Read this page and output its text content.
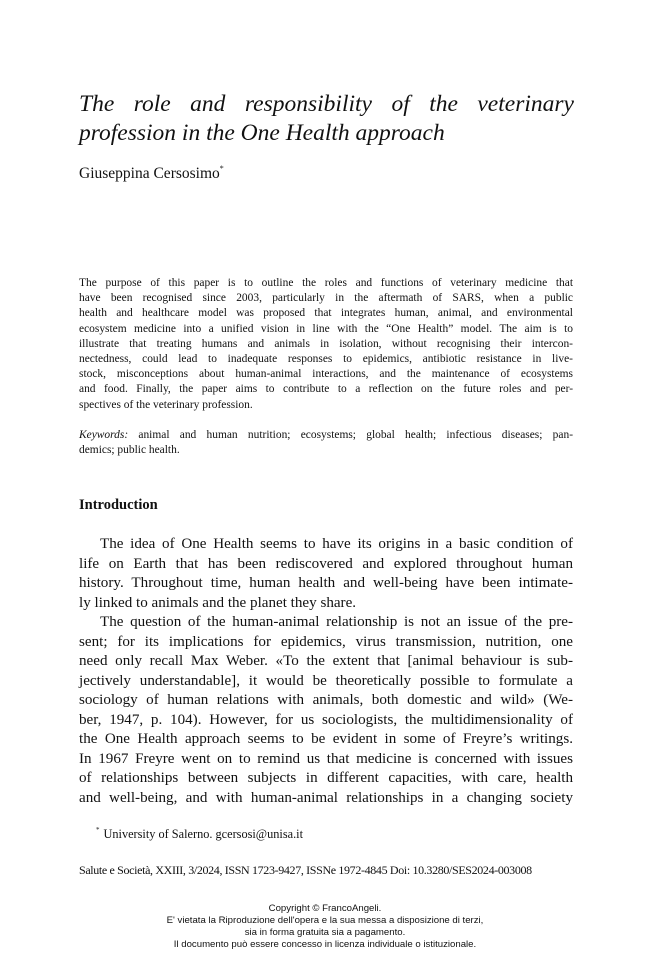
The role and responsibility of the veterinary
profession in the One Health approach

Giuseppina Cersosimo*

The purpose of this paper is to outline the roles and functions of veterinary medicine that
have been recognised since 2003, particularly in the aftermath of SARS, when a public
health and healthcare model was proposed that integrates human, animal, and environmental
ecosystem medicine into a unified vision in line with the “One Health” model. The aim is to
illustrate that treating humans and animals in isolation, without recognising their intercon-
nectedness, could lead to inadequate responses to epidemics, antibiotic resistance in live-
stock, misconceptions about human-animal interactions, and the maintenance of ecosystems
and food. Finally, the paper aims to contribute to a reflection on the future roles and per-
spectives of the veterinary profession.
Keywords: animal and human nutrition; ecosystems; global health; infectious diseases; pan-
demics; public health.
Introduction
The idea of One Health seems to have its origins in a basic condition of
life on Earth that has been rediscovered and explored throughout human
history. Throughout time, human health and well-being have been intimate-
ly linked to animals and the planet they share.
The question of the human-animal relationship is not an issue of the pre-
sent; for its implications for epidemics, virus transmission, nutrition, one
need only recall Max Weber. «To the extent that [animal behaviour is sub-
jectively understandable], it would be theoretically possible to formulate a
sociology of human relations with animals, both domestic and wild» (We-
ber, 1947, p. 104). However, for us sociologists, the multidimensionality of
the One Health approach seems to be evident in some of Freyre’s writings.
In 1967 Freyre went on to remind us that medicine is concerned with issues
of relationships between subjects in different capacities, with care, health
and well-being, and with human-animal relationships in a changing society

* University of Salerno. gcersosi@unisa.it

Salute e Società, XXIII, 3/2024, ISSN 1723-9427, ISSNe 1972-4845 Doi: 10.3280/SES2024-003008

Copyright © FrancoAngeli.
E' vietata la Riproduzione dell'opera e la sua messa a disposizione di terzi,
sia in forma gratuita sia a pagamento.
Il documento può essere concesso in licenza individuale o istituzionale.
